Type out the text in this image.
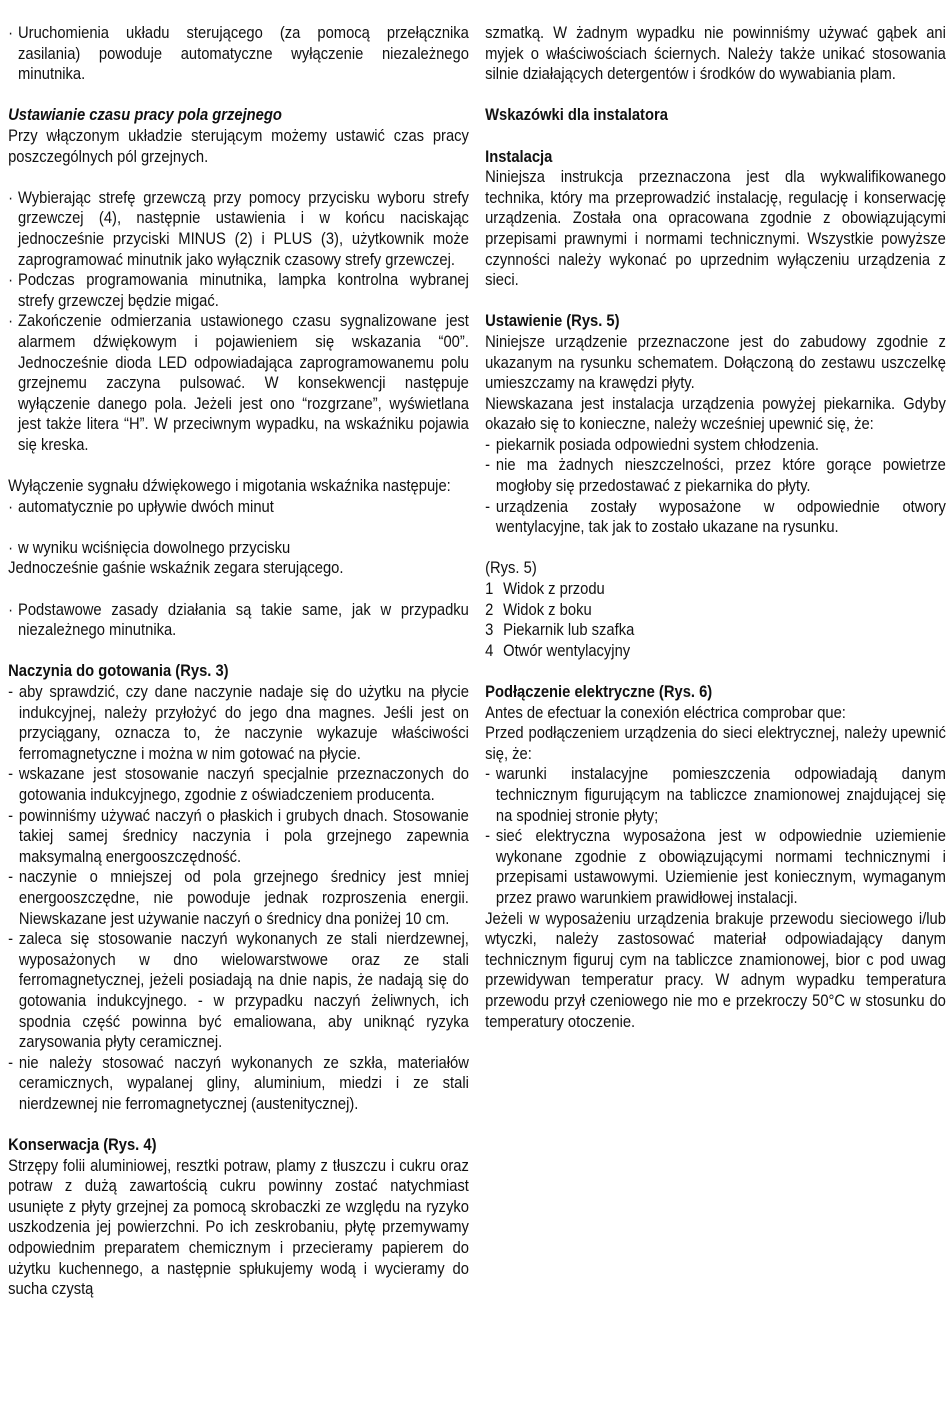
· Uruchomienia układu sterującego (za pomocą przełącznika zasilania) powoduje automatyczne wyłączenie niezależnego minutnika.

Ustawianie czasu pracy pola grzejnego

Przy włączonym układzie sterującym możemy ustawić czas pracy poszczególnych pól grzejnych.

· Wybierając strefę grzewczą przy pomocy przycisku wyboru strefy grzewczej (4), następnie ustawienia i w końcu naciskając jednocześnie przyciski MINUS (2) i PLUS (3), użytkownik może zaprogramować minutnik jako wyłącznik czasowy strefy grzewczej.
· Podczas programowania minutnika, lampka kontrolna wybranej strefy grzewczej będzie migać.
· Zakończenie odmierzania ustawionego czasu sygnalizowane jest alarmem dźwiękowym i pojawieniem się wskazania “00”. Jednocześnie dioda LED odpowiadająca zaprogramowanemu polu grzejnemu zaczyna pulsować. W konsekwencji następuje wyłączenie danego pola. Jeżeli jest ono “rozgrzane”, wyświetlana jest także litera “H”. W przeciwnym wypadku, na wskaźniku pojawia się kreska.

Wyłączenie sygnału dźwiękowego i migotania wskaźnika następuje:

· automatycznie po upływie dwóch minut
· w wyniku wciśnięcia dowolnego przycisku

Jednocześnie gaśnie wskaźnik zegara sterującego.

· Podstawowe zasady działania są takie same, jak w przypadku niezależnego minutnika.

Naczynia do gotowania (Rys. 3)

- aby sprawdzić, czy dane naczynie nadaje się do użytku na płycie indukcyjnej, należy przyłożyć do jego dna magnes. Jeśli jest on przyciągany, oznacza to, że naczynie wykazuje właściwości ferromagnetyczne i można w nim gotować na płycie.
- wskazane jest stosowanie naczyń specjalnie przeznaczonych do gotowania indukcyjnego, zgodnie z oświadczeniem producenta.
- powinniśmy używać naczyń o płaskich i grubych dnach. Stosowanie takiej samej średnicy naczynia i pola grzejnego zapewnia maksymalną energooszczędność.
- naczynie o mniejszej od pola grzejnego średnicy jest mniej energooszczędne, nie powoduje jednak rozproszenia energii. Niewskazane jest używanie naczyń o średnicy dna poniżej 10 cm.
- zaleca się stosowanie naczyń wykonanych ze stali nierdzewnej, wyposażonych w dno wielowarstwowe oraz ze stali ferromagnetycznej, jeżeli posiadają na dnie napis, że nadają się do gotowania indukcyjnego. - w przypadku naczyń żeliwnych, ich spodnia część powinna być emaliowana, aby uniknąć ryzyka zarysowania płyty ceramicznej.
- nie należy stosować naczyń wykonanych ze szkła, materiałów ceramicznych, wypalanej gliny, aluminium, miedzi i ze stali nierdzewnej nie ferromagnetycznej (austenitycznej).

Konserwacja (Rys. 4)

Strzępy folii aluminiowej, resztki potraw, plamy z tłuszczu i cukru oraz potraw z dużą zawartością cukru powinny zostać natychmiast usunięte z płyty grzejnej za pomocą skrobaczki ze względu na ryzyko uszkodzenia jej powierzchni. Po ich zeskrobaniu, płytę przemywamy odpowiednim preparatem chemicznym i przecieramy papierem do użytku kuchennego, a następnie spłukujemy wodą i wycieramy do sucha czystą

szmatką. W żadnym wypadku nie powinniśmy używać gąbek ani myjek o właściwościach ściernych. Należy także unikać stosowania silnie działających detergentów i środków do wywabiania plam.

Wskazówki dla instalatora

Instalacja

Niniejsza instrukcja przeznaczona jest dla wykwalifikowanego technika, który ma przeprowadzić instalację, regulację i konserwację urządzenia. Została ona opracowana zgodnie z obowiązującymi przepisami prawnymi i normami technicznymi. Wszystkie powyższe czynności należy wykonać po uprzednim wyłączeniu urządzenia z sieci.

Ustawienie (Rys. 5)

Niniejsze urządzenie przeznaczone jest do zabudowy zgodnie z ukazanym na rysunku schematem. Dołączoną do zestawu uszczelkę umieszczamy na krawędzi płyty.

Niewskazana jest instalacja urządzenia powyżej piekarnika. Gdyby okazało się to konieczne, należy wcześniej upewnić się, że:

- piekarnik posiada odpowiedni system chłodzenia.
- nie ma żadnych nieszczelności, przez które gorące powietrze mogłoby się przedostawać z piekarnika do płyty.
- urządzenia zostały wyposażone w odpowiednie otwory wentylacyjne, tak jak to zostało ukazane na rysunku.

(Rys. 5)

1 Widok z przodu
2 Widok z boku
3 Piekarnik lub szafka
4 Otwór wentylacyjny

Podłączenie elektryczne (Rys. 6)

Antes de efectuar la conexión eléctrica comprobar que:

Przed podłączeniem urządzenia do sieci elektrycznej, należy upewnić się, że:

- warunki instalacyjne pomieszczenia odpowiadają danym technicznym figurującym na tabliczce znamionowej znajdującej się na spodniej stronie płyty;
- sieć elektryczna wyposażona jest w odpowiednie uziemienie wykonane zgodnie z obowiązującymi normami technicznymi i przepisami ustawowymi. Uziemienie jest koniecznym, wymaganym przez prawo warunkiem prawidłowej instalacji.

Jeżeli w wyposażeniu urządzenia brakuje przewodu sieciowego i/lub wtyczki, należy zastosować materiał odpowiadający danym technicznym figuruj cym na tabliczce znamionowej, bior c pod uwag przewidywan temperatur pracy. W adnym wypadku temperatura przewodu przył czeniowego nie mo e przekroczy 50°C w stosunku do temperatury otoczenie.
